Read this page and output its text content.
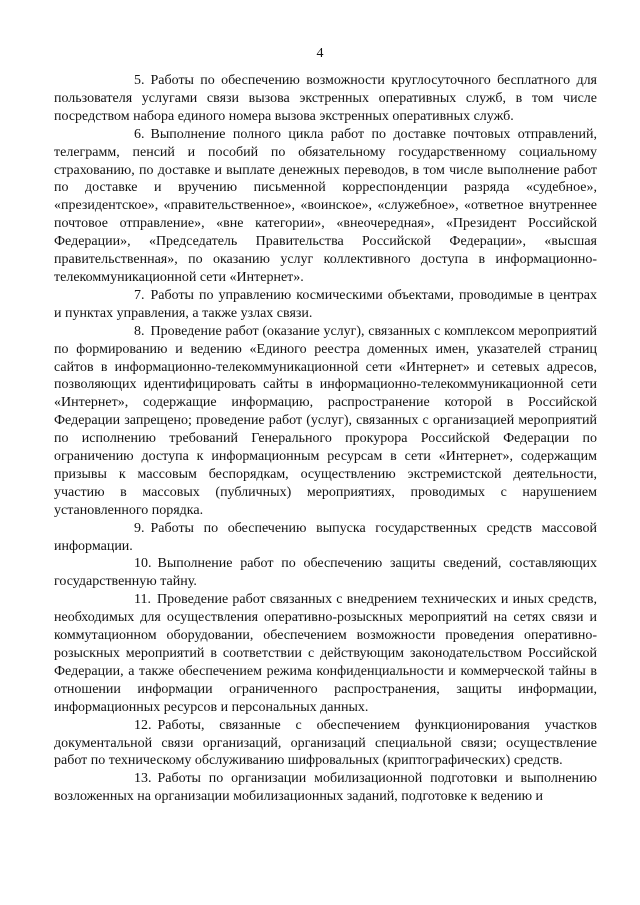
4

5. Работы по обеспечению возможности круглосуточного бесплатного для пользователя услугами связи вызова экстренных оперативных служб, в том числе посредством набора единого номера вызова экстренных оперативных служб.

6. Выполнение полного цикла работ по доставке почтовых отправлений, телеграмм, пенсий и пособий по обязательному государственному социальному страхованию, по доставке и выплате денежных переводов, в том числе выполнение работ по доставке и вручению письменной корреспонденции разряда «судебное», «президентское», «правительственное», «воинское», «служебное», «ответное внутреннее почтовое отправление», «вне категории», «внеочередная», «Президент Российской Федерации», «Председатель Правительства Российской Федерации», «высшая правительственная», по оказанию услуг коллективного доступа в информационно-телекоммуникационной сети «Интернет».

7. Работы по управлению космическими объектами, проводимые в центрах и пунктах управления, а также узлах связи.

8. Проведение работ (оказание услуг), связанных с комплексом мероприятий по формированию и ведению «Единого реестра доменных имен, указателей страниц сайтов в информационно-телекоммуникационной сети «Интернет» и сетевых адресов, позволяющих идентифицировать сайты в информационно-телекоммуникационной сети «Интернет», содержащие информацию, распространение которой в Российской Федерации запрещено; проведение работ (услуг), связанных с организацией мероприятий по исполнению требований Генерального прокурора Российской Федерации по ограничению доступа к информационным ресурсам в сети «Интернет», содержащим призывы к массовым беспорядкам, осуществлению экстремистской деятельности, участию в массовых (публичных) мероприятиях, проводимых с нарушением установленного порядка.

9. Работы по обеспечению выпуска государственных средств массовой информации.

10. Выполнение работ по обеспечению защиты сведений, составляющих государственную тайну.

11. Проведение работ связанных с внедрением технических и иных средств, необходимых для осуществления оперативно-розыскных мероприятий на сетях связи и коммутационном оборудовании, обеспечением возможности проведения оперативно-розыскных мероприятий в соответствии с действующим законодательством Российской Федерации, а также обеспечением режима конфиденциальности и коммерческой тайны в отношении информации ограниченного распространения, защиты информации, информационных ресурсов и персональных данных.

12. Работы, связанные с обеспечением функционирования участков документальной связи организаций, организаций специальной связи; осуществление работ по техническому обслуживанию шифровальных (криптографических) средств.

13. Работы по организации мобилизационной подготовки и выполнению возложенных на организации мобилизационных заданий, подготовке к ведению и
